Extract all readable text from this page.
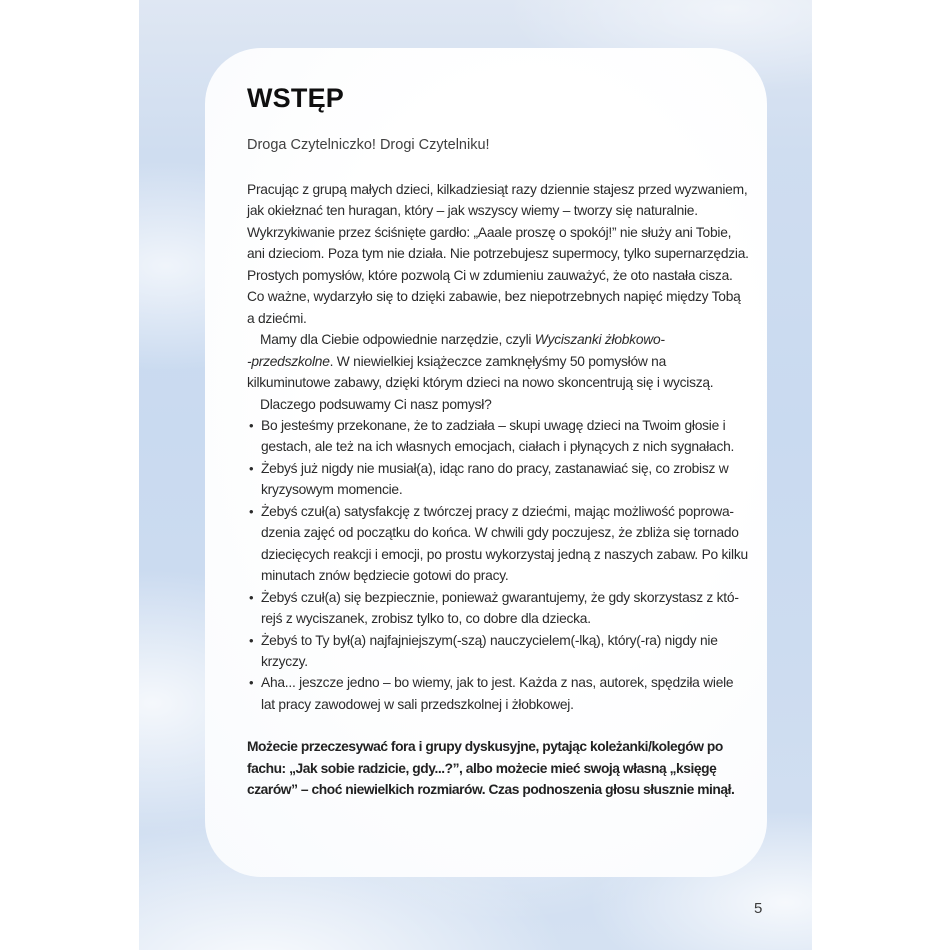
WSTĘP

Droga Czytelniczko! Drogi Czytelniku!

Pracując z grupą małych dzieci, kilkadziesiąt razy dziennie stajesz przed wyzwaniem, jak okiełznać ten huragan, który – jak wszyscy wiemy – tworzy się naturalnie. Wykrzykiwanie przez ściśnięte gardło: „Aaale proszę o spokój!” nie służy ani Tobie, ani dzieciom. Poza tym nie działa. Nie potrzebujesz supermocy, tylko supernarzędzia. Prostych pomysłów, które pozwolą Ci w zdumieniu zauważyć, że oto nastała cisza. Co ważne, wydarzyło się to dzięki zabawie, bez niepotrzebnych napięć między Tobą a dziećmi.

Mamy dla Ciebie odpowiednie narzędzie, czyli Wyciszanki żłobkowo-
-przedszkolne. W niewielkiej książeczce zamknęłyśmy 50 pomysłów na kilkuminutowe zabawy, dzięki którym dzieci na nowo skoncentrują się i wyciszą.

Dlaczego podsuwamy Ci nasz pomysł?

• Bo jesteśmy przekonane, że to zadziała – skupi uwagę dzieci na Twoim głosie i gestach, ale też na ich własnych emocjach, ciałach i płynących z nich sygnałach.
• Żebyś już nigdy nie musiał(a), idąc rano do pracy, zastanawiać się, co zrobisz w kryzysowym momencie.
• Żebyś czuł(a) satysfakcję z twórczej pracy z dziećmi, mając możliwość poprowadzenia zajęć od początku do końca. W chwili gdy poczujesz, że zbliża się tornado dziecięcych reakcji i emocji, po prostu wykorzystaj jedną z naszych zabaw. Po kilku minutach znów będziecie gotowi do pracy.
• Żebyś czuł(a) się bezpiecznie, ponieważ gwarantujemy, że gdy skorzystasz z którejś z wyciszanek, zrobisz tylko to, co dobre dla dziecka.
• Żebyś to Ty był(a) najfajniejszym(-szą) nauczycielem(-lką), który(-ra) nigdy nie krzyczy.
• Aha... jeszcze jedno – bo wiemy, jak to jest. Każda z nas, autorek, spędziła wiele lat pracy zawodowej w sali przedszkolnej i żłobkowej.

Możecie przeczesywać fora i grupy dyskusyjne, pytając koleżanki/kolegów po fachu: „Jak sobie radzicie, gdy...?”, albo możecie mieć swoją własną „księgę czarów” – choć niewielkich rozmiarów. Czas podnoszenia głosu słusznie minął.

5
